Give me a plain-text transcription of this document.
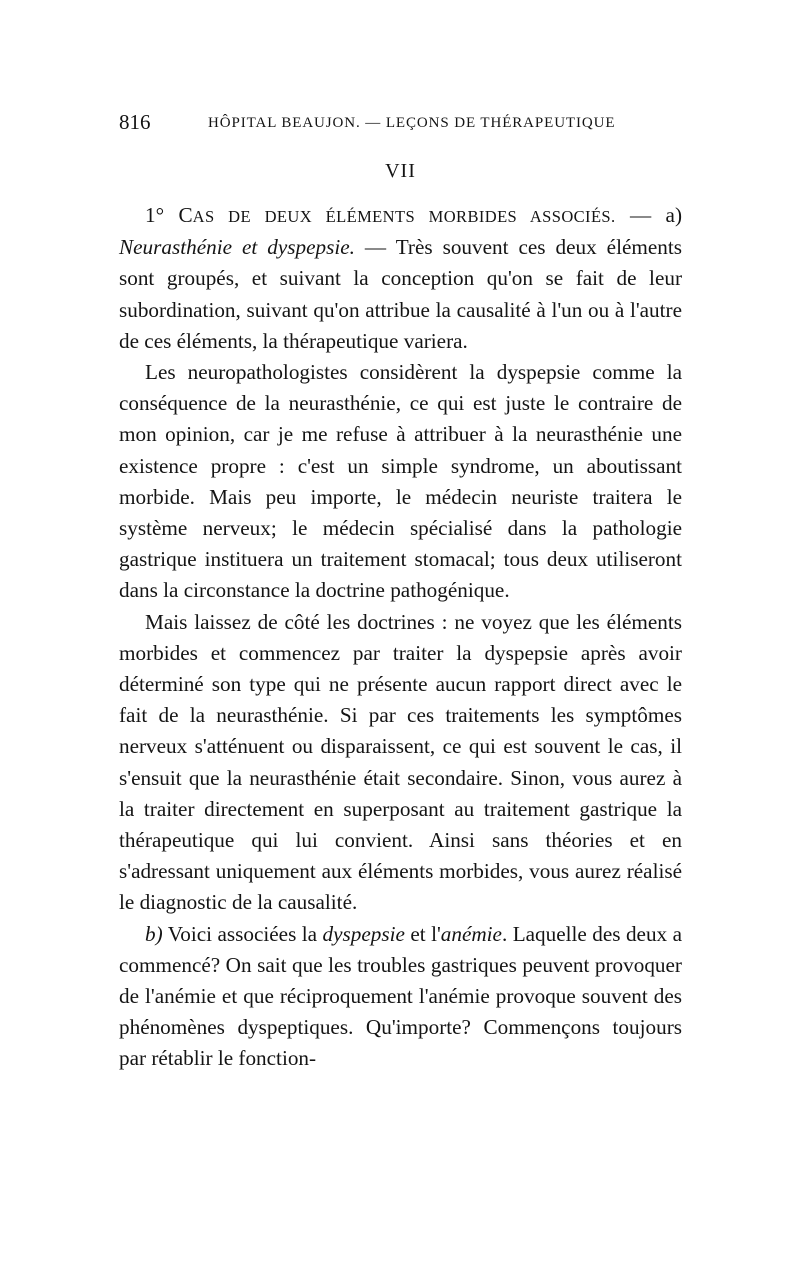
816	HÔPITAL BEAUJON. — LEÇONS DE THÉRAPEUTIQUE
VII

1° CAS DE DEUX ÉLÉMENTS MORBIDES ASSOCIÉS. — a) Neurasthénie et dyspepsie. — Très souvent ces deux éléments sont groupés, et suivant la conception qu'on se fait de leur subordination, suivant qu'on attribue la causalité à l'un ou à l'autre de ces éléments, la thérapeutique variera.

Les neuropathologistes considèrent la dyspepsie comme la conséquence de la neurasthénie, ce qui est juste le contraire de mon opinion, car je me refuse à attribuer à la neurasthénie une existence propre : c'est un simple syndrome, un aboutissant morbide. Mais peu importe, le médecin neuriste traitera le système nerveux; le médecin spécialisé dans la pathologie gastrique instituera un traitement stomacal; tous deux utiliseront dans la circonstance la doctrine pathogénique.

Mais laissez de côté les doctrines : ne voyez que les éléments morbides et commencez par traiter la dyspepsie après avoir déterminé son type qui ne présente aucun rapport direct avec le fait de la neurasthénie. Si par ces traitements les symptômes nerveux s'atténuent ou disparaissent, ce qui est souvent le cas, il s'ensuit que la neurasthénie était secondaire. Sinon, vous aurez à la traiter directement en superposant au traitement gastrique la thérapeutique qui lui convient. Ainsi sans théories et en s'adressant uniquement aux éléments morbides, vous aurez réalisé le diagnostic de la causalité.

b) Voici associées la dyspepsie et l'anémie. Laquelle des deux a commencé? On sait que les troubles gastriques peuvent provoquer de l'anémie et que réciproquement l'anémie provoque souvent des phénomènes dyspeptiques. Qu'importe? Commençons toujours par rétablir le fonction-
